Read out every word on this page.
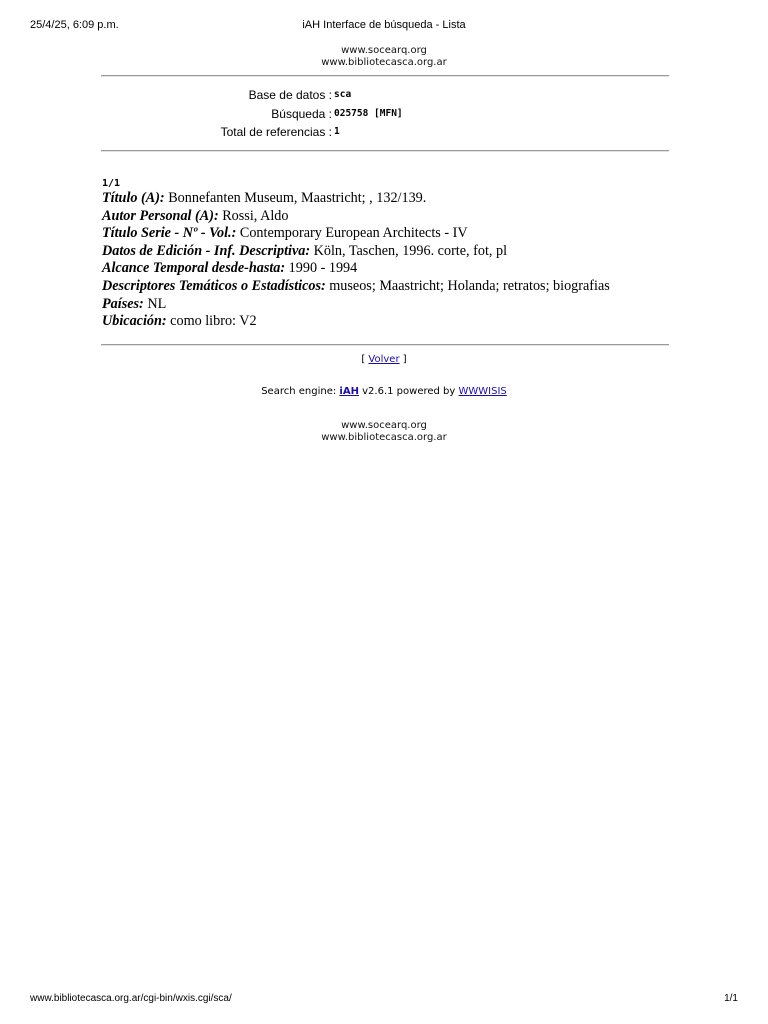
25/4/25, 6:09 p.m.	iAH Interface de búsqueda - Lista
www.socearq.org
www.bibliotecasca.org.ar
Base de datos : sca
Búsqueda : 025758 [MFN]
Total de referencias : 1
1/1
Título (A): Bonnefanten Museum, Maastricht; , 132/139.
Autor Personal (A): Rossi, Aldo
Título Serie - Nº - Vol.: Contemporary European Architects - IV
Datos de Edición - Inf. Descriptiva: Köln, Taschen, 1996. corte, fot, pl
Alcance Temporal desde-hasta: 1990 - 1994
Descriptores Temáticos o Estadísticos: museos; Maastricht; Holanda; retratos; biografias
Países: NL
Ubicación: como libro: V2
[ Volver ]
Search engine: iAH v2.6.1 powered by WWWISIS
www.socearq.org
www.bibliotecasca.org.ar
www.bibliotecasca.org.ar/cgi-bin/wxis.cgi/sca/	1/1
